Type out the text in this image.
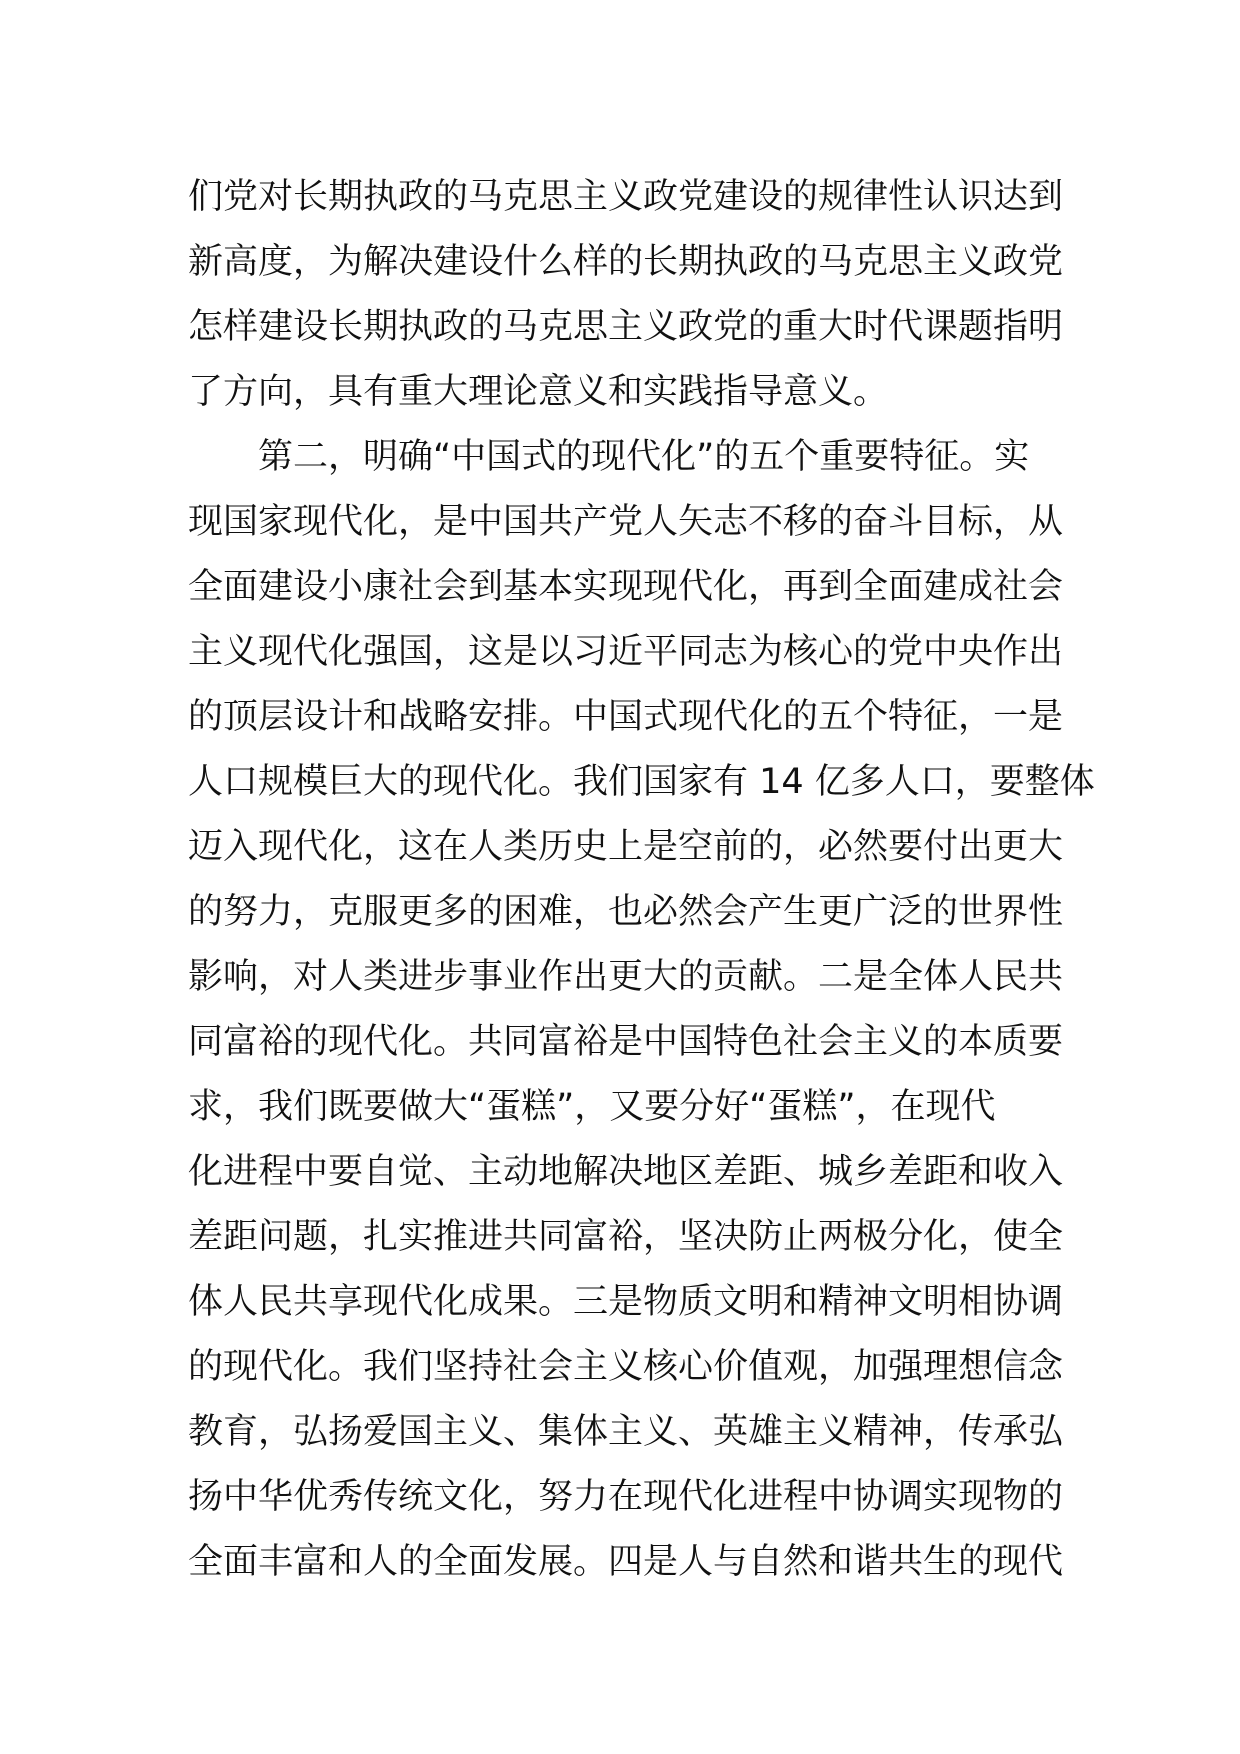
们党对长期执政的马克思主义政党建设的规律性认识达到
新高度，为解决建设什么样的长期执政的马克思主义政党
怎样建设长期执政的马克思主义政党的重大时代课题指明
了方向，具有重大理论意义和实践指导意义。
第二，明确“中国式的现代化”的五个重要特征。实
现国家现代化，是中国共产党人矢志不移的奋斗目标，从
全面建设小康社会到基本实现现代化，再到全面建成社会
主义现代化强国，这是以习近平同志为核心的党中央作出
的顶层设计和战略安排。中国式现代化的五个特征，一是
人口规模巨大的现代化。我们国家有 14 亿多人口，要整体
迈入现代化，这在人类历史上是空前的，必然要付出更大
的努力，克服更多的困难，也必然会产生更广泛的世界性
影响，对人类进步事业作出更大的贡献。二是全体人民共
同富裕的现代化。共同富裕是中国特色社会主义的本质要
求，我们既要做大“蛋糕”，又要分好“蛋糕”，在现代
化进程中要自觉、主动地解决地区差距、城乡差距和收入
差距问题，扎实推进共同富裕，坚决防止两极分化，使全
体人民共享现代化成果。三是物质文明和精神文明相协调
的现代化。我们坚持社会主义核心价值观，加强理想信念
教育，弘扬爱国主义、集体主义、英雄主义精神，传承弘
扬中华优秀传统文化，努力在现代化进程中协调实现物的
全面丰富和人的全面发展。四是人与自然和谐共生的现代
